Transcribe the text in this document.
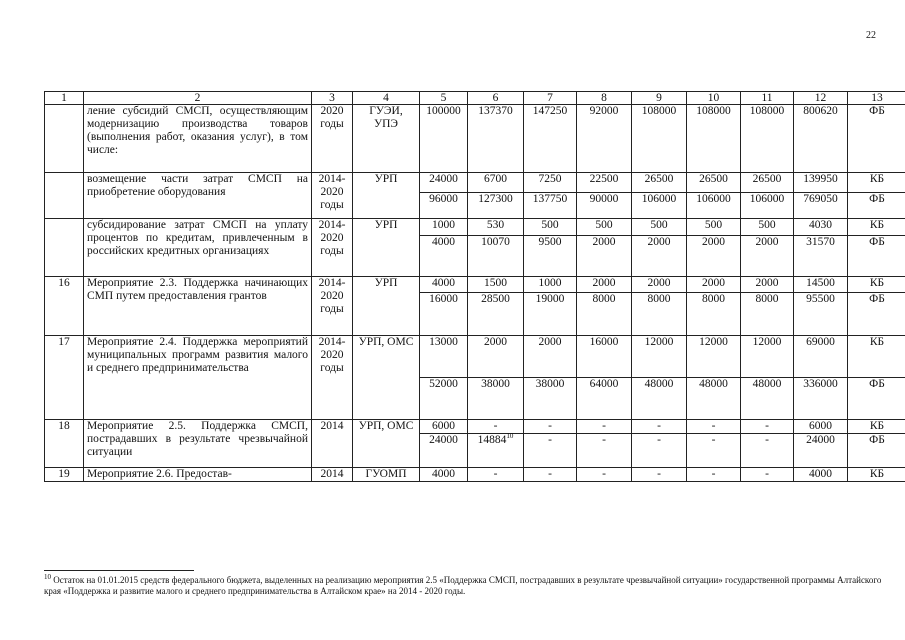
22
1	2	3	4	5	6	7	8	9	10	11	12	13
	ление субсидий СМСП, осуществляющим модернизацию производства товаров (выполнения работ, оказания услуг), в том числе:	2020 годы	ГУЭИ, УПЭ	100000	137370	147250	92000	108000	108000	108000	800620	ФБ
	возмещение части затрат СМСП на приобретение оборудования	2014-2020 годы	УРП	24000	6700	7250	22500	26500	26500	26500	139950	КБ
				96000	127300	137750	90000	106000	106000	106000	769050	ФБ
	субсидирование затрат СМСП на уплату процентов по кредитам, привлеченным в российских кредитных организациях	2014-2020 годы	УРП	1000	530	500	500	500	500	500	4030	КБ
				4000	10070	9500	2000	2000	2000	2000	31570	ФБ
16	Мероприятие 2.3. Поддержка начинающих СМП путем предоставления грантов	2014-2020 годы	УРП	4000	1500	1000	2000	2000	2000	2000	14500	КБ
				16000	28500	19000	8000	8000	8000	8000	95500	ФБ
17	Мероприятие 2.4. Поддержка мероприятий муниципальных программ развития малого и среднего предпринимательства	2014-2020 годы	УРП, ОМС	13000	2000	2000	16000	12000	12000	12000	69000	КБ
				52000	38000	38000	64000	48000	48000	48000	336000	ФБ
18	Мероприятие 2.5. Поддержка СМСП, пострадавших в результате чрезвычайной ситуации	2014	УРП, ОМС	6000	-	-	-	-	-	-	6000	КБ
				24000	14884$^{10}$	-	-	-	-	-	24000	ФБ
19	Мероприятие 2.6. Предостав-	2014	ГУОМП	4000	-	-	-	-	-	-	4000	КБ
$^{10}$ Остаток на 01.01.2015 средств федерального бюджета, выделенных на реализацию мероприятия 2.5 «Поддержка СМСП, пострадавших в результате чрезвычайной ситуации» государственной программы Алтайского края «Поддержка и развитие малого и среднего предпринимательства в Алтайском крае» на 2014 - 2020 годы.
